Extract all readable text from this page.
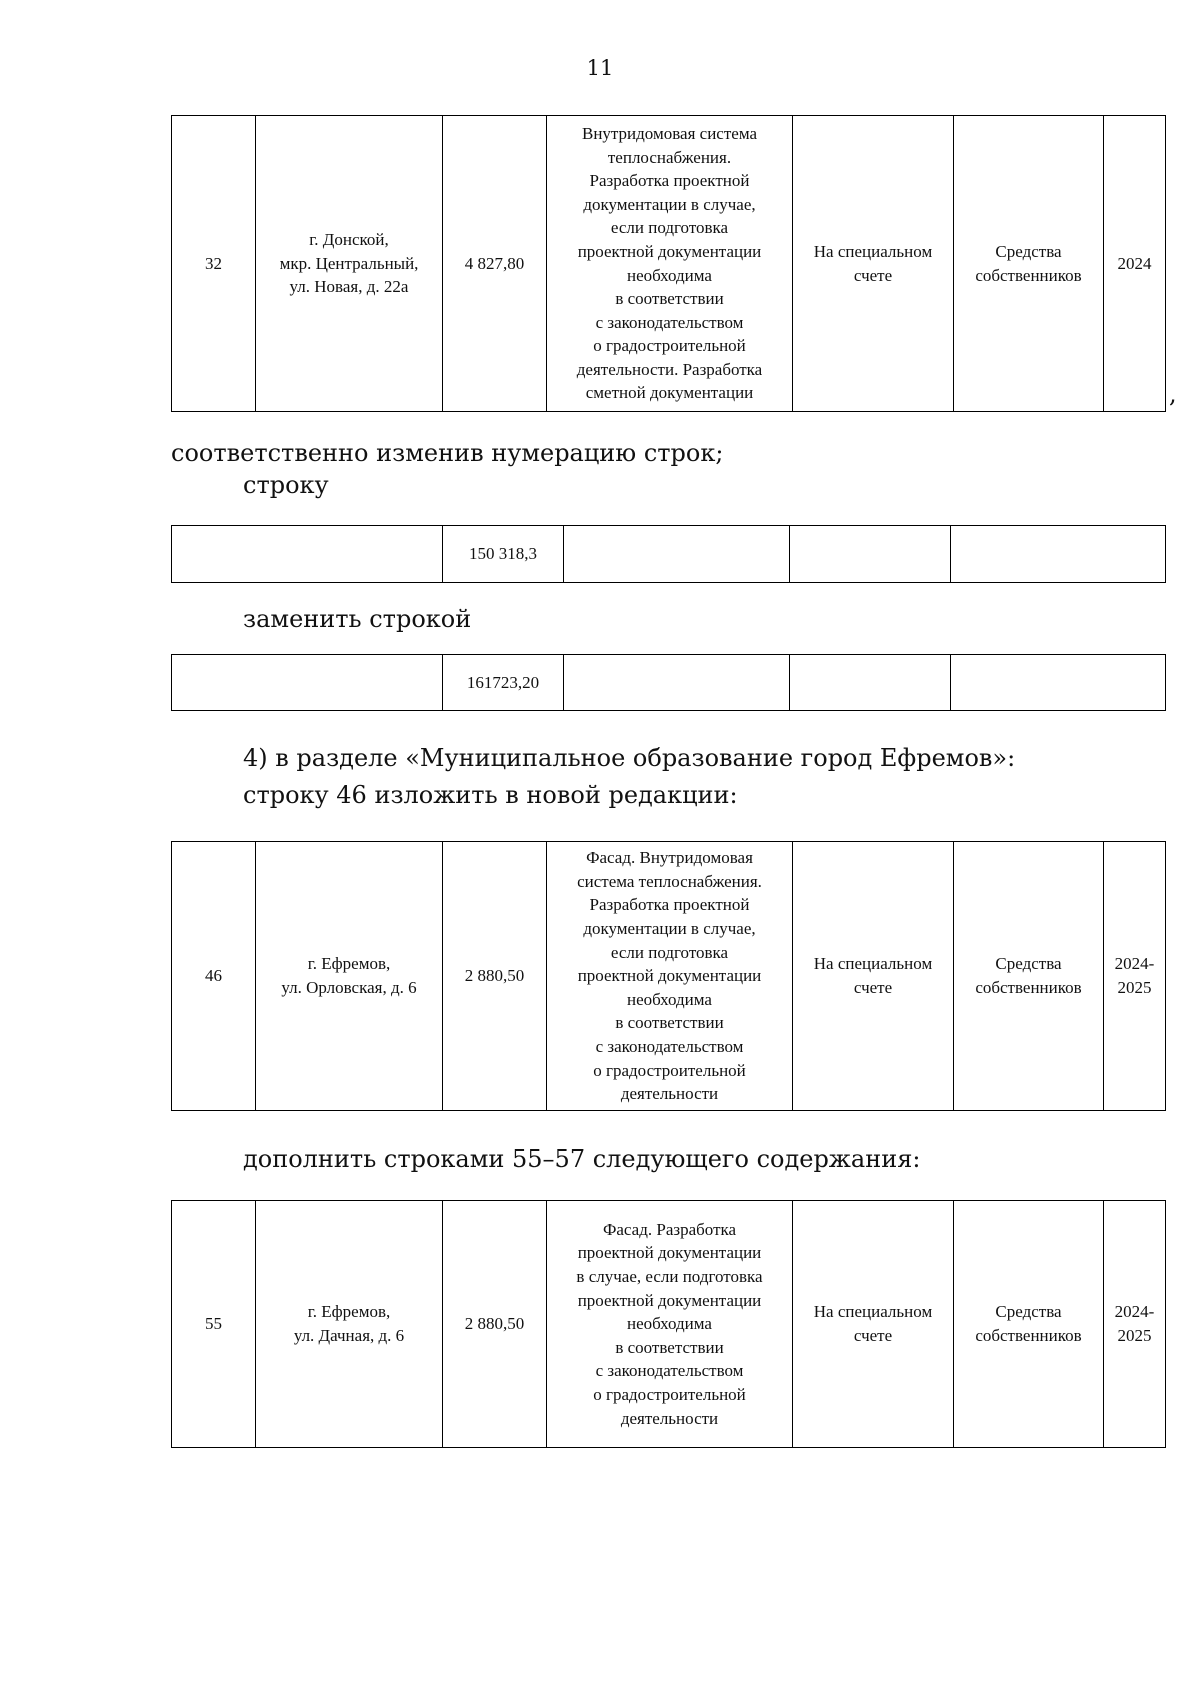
11
32	г. Донской,
мкр. Центральный,
ул. Новая, д. 22а	4 827,80	Внутридомовая система
теплоснабжения.
Разработка проектной
документации в случае,
если подготовка
проектной документации
необходима
в соответствии
с законодательством
о градостроительной
деятельности. Разработка
сметной документации	На специальном счете	Средства собственников	2024
,
соответственно изменив нумерацию строк;
строку
	150 318,3			
заменить строкой
	161723,20			
4) в разделе «Муниципальное образование город Ефремов»:
строку 46 изложить в новой редакции:
46	г. Ефремов,
ул. Орловская, д. 6	2 880,50	Фасад. Внутридомовая
система теплоснабжения.
Разработка проектной
документации в случае,
если подготовка
проектной документации
необходима
в соответствии
с законодательством
о градостроительной
деятельности	На специальном счете	Средства собственников	2024-
2025
дополнить строками 55–57 следующего содержания:
55	г. Ефремов,
ул. Дачная, д. 6	2 880,50	Фасад. Разработка
проектной документации
в случае, если подготовка
проектной документации
необходима
в соответствии
с законодательством
о градостроительной
деятельности	На специальном счете	Средства собственников	2024-
2025
